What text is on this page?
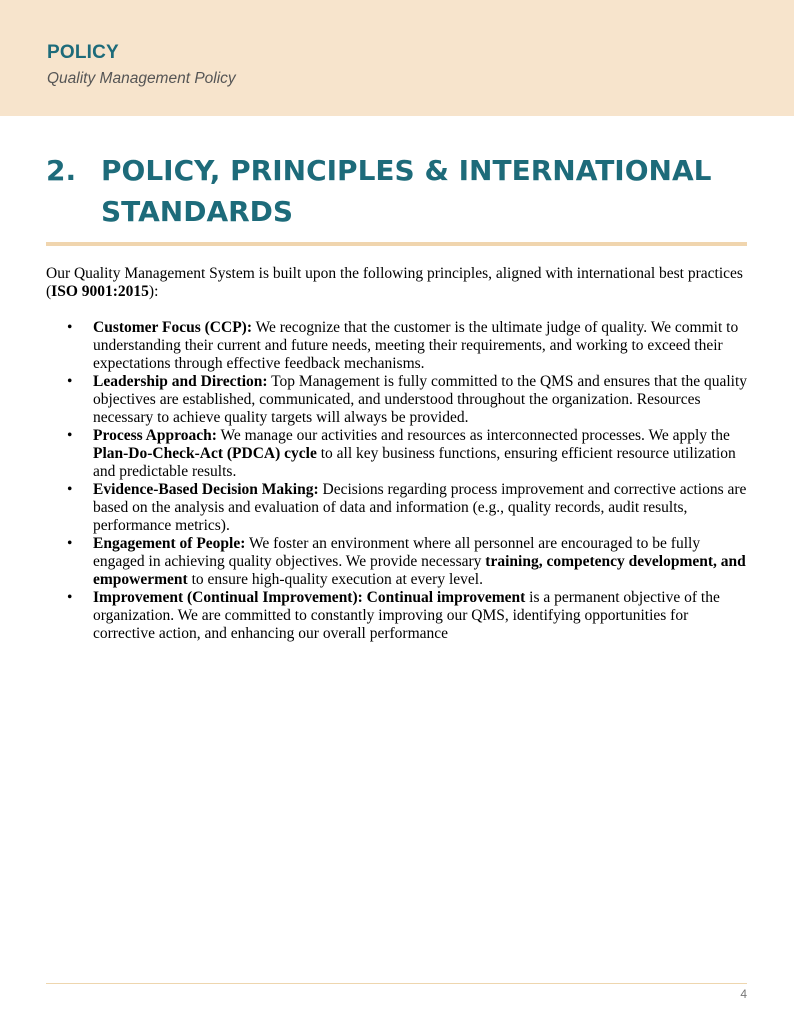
POLICY
Quality Management Policy
2. POLICY, PRINCIPLES & INTERNATIONAL STANDARDS

Our Quality Management System is built upon the following principles, aligned with international best practices (ISO 9001:2015):

• Customer Focus (CCP): We recognize that the customer is the ultimate judge of quality. We commit to understanding their current and future needs, meeting their requirements, and working to exceed their expectations through effective feedback mechanisms.
• Leadership and Direction: Top Management is fully committed to the QMS and ensures that the quality objectives are established, communicated, and understood throughout the organization. Resources necessary to achieve quality targets will always be provided.
• Process Approach: We manage our activities and resources as interconnected processes. We apply the Plan-Do-Check-Act (PDCA) cycle to all key business functions, ensuring efficient resource utilization and predictable results.
• Evidence-Based Decision Making: Decisions regarding process improvement and corrective actions are based on the analysis and evaluation of data and information (e.g., quality records, audit results, performance metrics).
• Engagement of People: We foster an environment where all personnel are encouraged to be fully engaged in achieving quality objectives. We provide necessary training, competency development, and empowerment to ensure high-quality execution at every level.
• Improvement (Continual Improvement): Continual improvement is a permanent objective of the organization. We are committed to constantly improving our QMS, identifying opportunities for corrective action, and enhancing our overall performance
4
